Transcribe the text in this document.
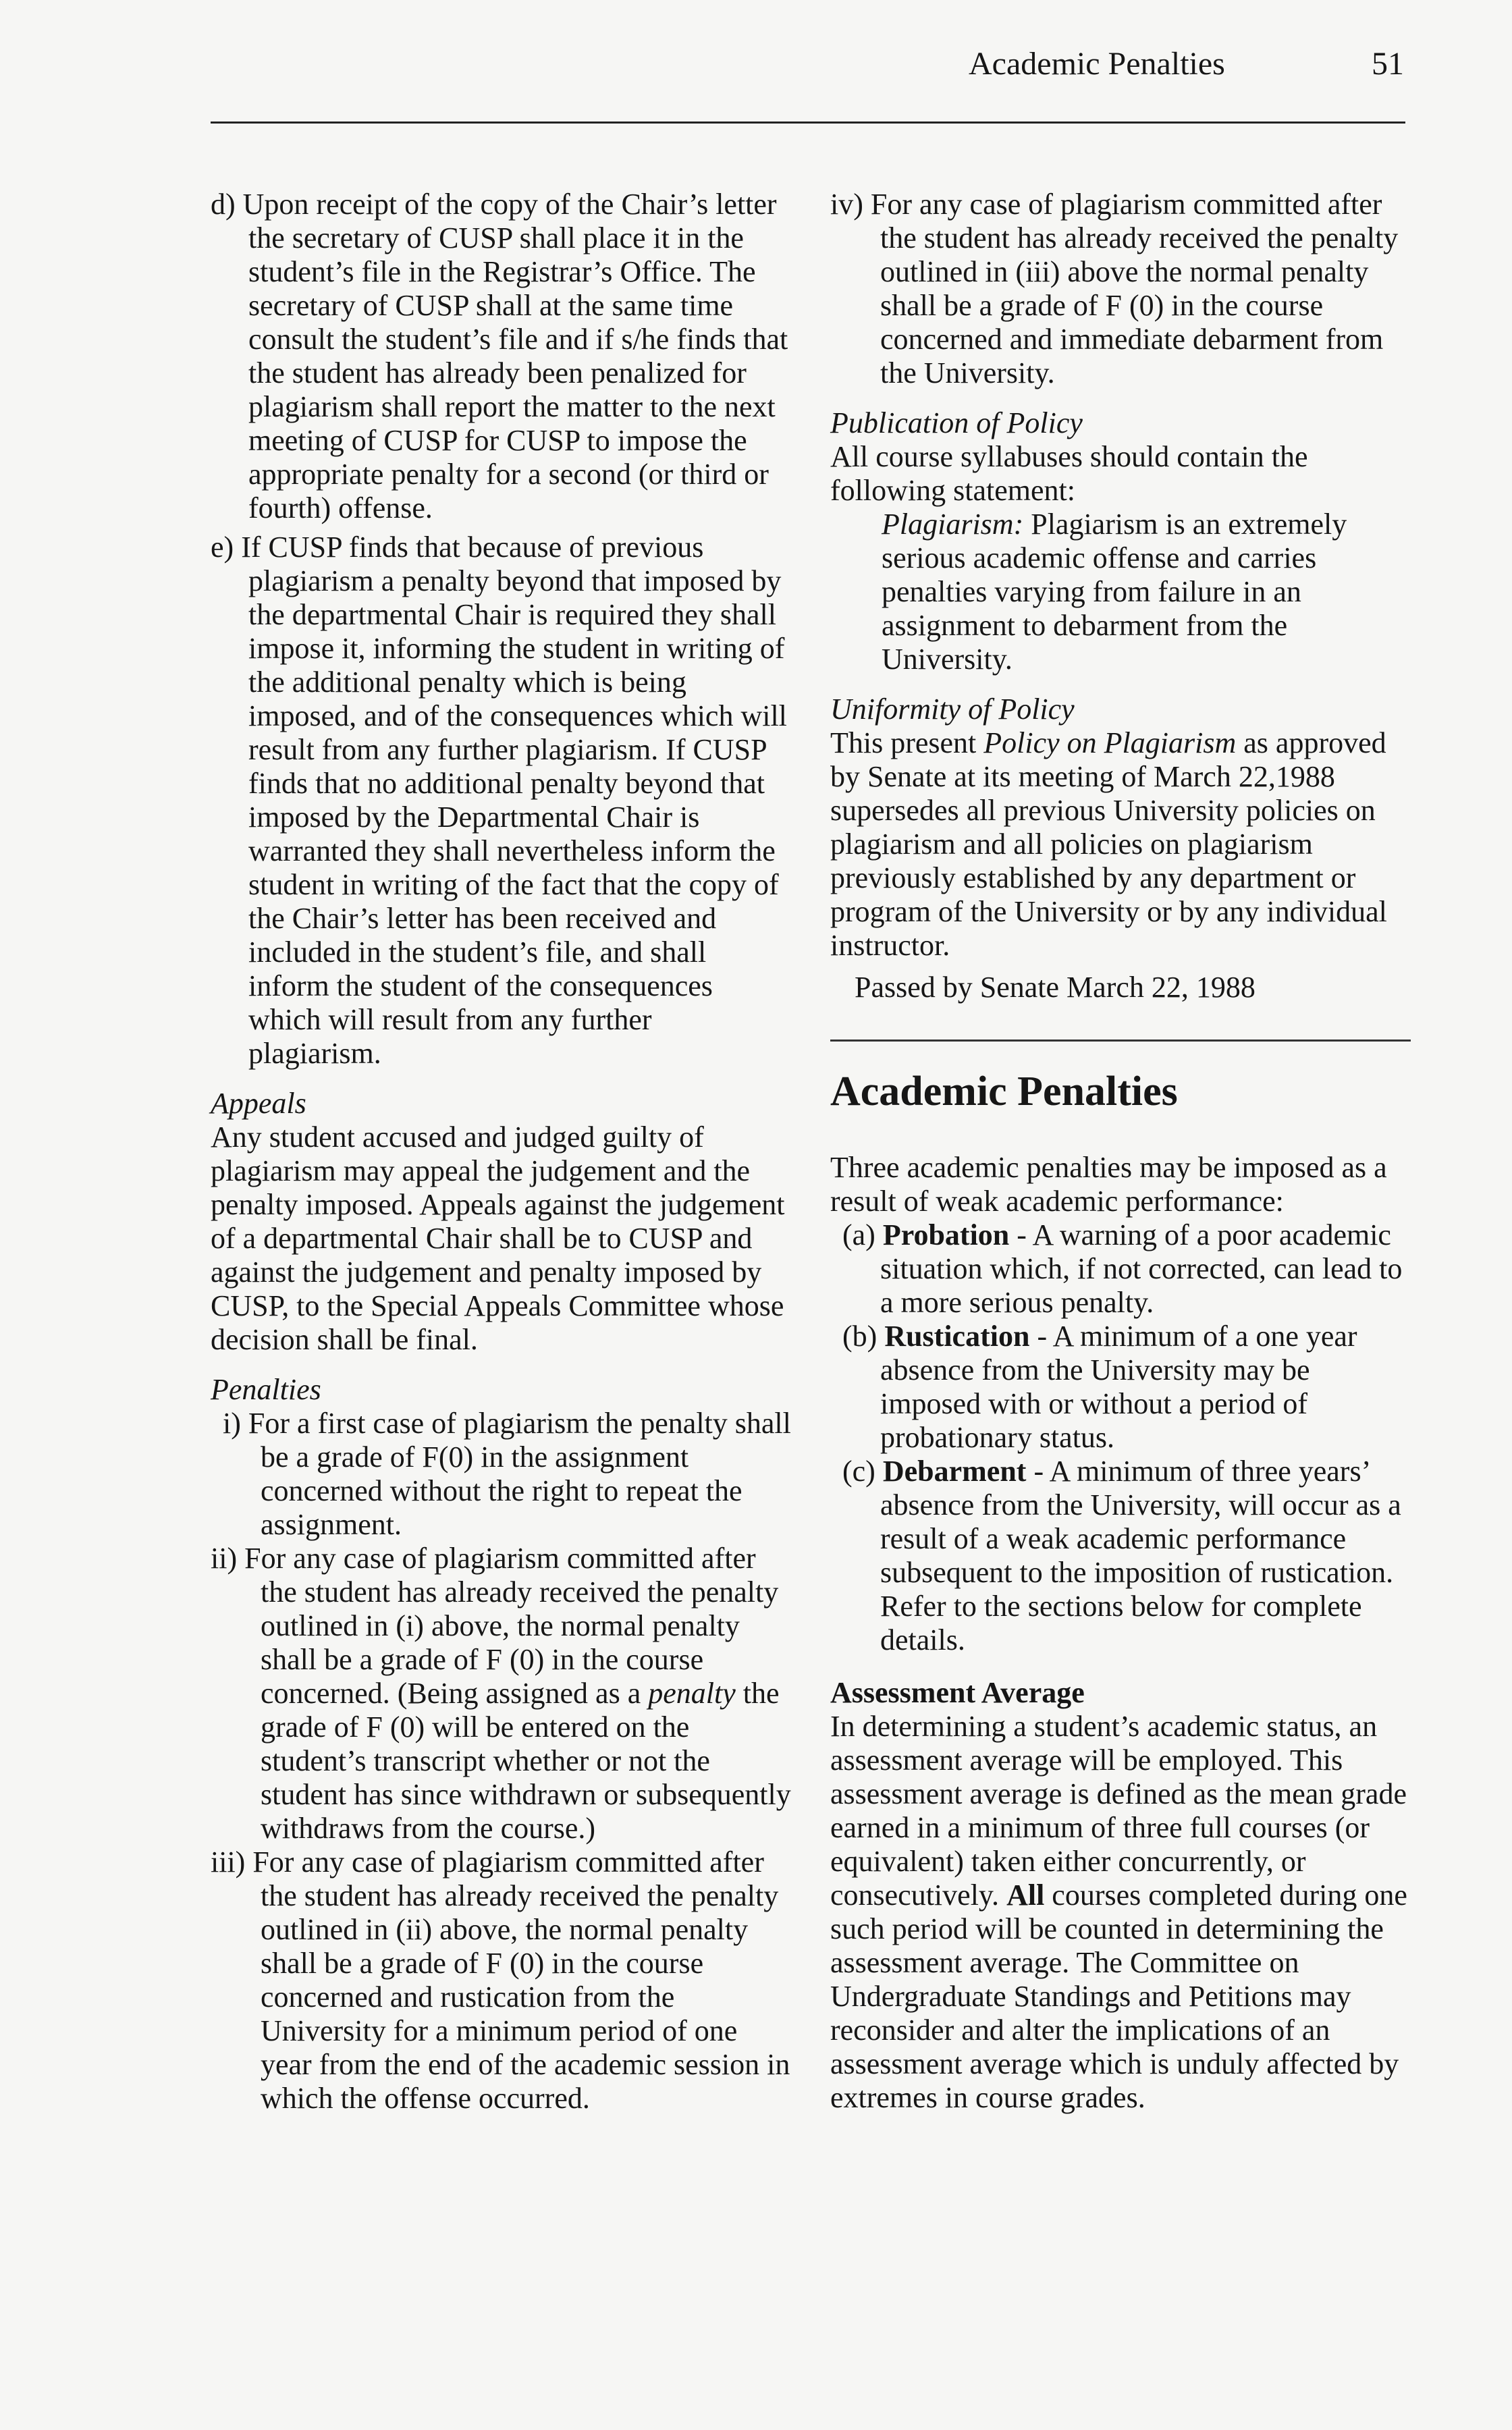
Academic Penalties	51

d) Upon receipt of the copy of the Chair’s letter the secretary of CUSP shall place it in the student’s file in the Registrar’s Office. The secretary of CUSP shall at the same time consult the student’s file and if s/he finds that the student has already been penalized for plagiarism shall report the matter to the next meeting of CUSP for CUSP to impose the appropriate penalty for a second (or third or fourth) offense.

e) If CUSP finds that because of previous plagiarism a penalty beyond that imposed by the departmental Chair is required they shall impose it, informing the student in writing of the additional penalty which is being imposed, and of the consequences which will result from any further plagiarism. If CUSP finds that no additional penalty beyond that imposed by the Departmental Chair is warranted they shall nevertheless inform the student in writing of the fact that the copy of the Chair’s letter has been received and included in the student’s file, and shall inform the student of the consequences which will result from any further plagiarism.

Appeals

Any student accused and judged guilty of plagiarism may appeal the judgement and the penalty imposed. Appeals against the judgement of a departmental Chair shall be to CUSP and against the judgement and penalty imposed by CUSP, to the Special Appeals Committee whose decision shall be final.

Penalties

i) For a first case of plagiarism the penalty shall be a grade of F(0) in the assignment concerned without the right to repeat the assignment.

ii) For any case of plagiarism committed after the student has already received the penalty outlined in (i) above, the normal penalty shall be a grade of F (0) in the course concerned. (Being assigned as a penalty the grade of F (0) will be entered on the student’s transcript whether or not the student has since withdrawn or subsequently withdraws from the course.)

iii) For any case of plagiarism committed after the student has already received the penalty outlined in (ii) above, the normal penalty shall be a grade of F (0) in the course concerned and rustication from the University for a minimum period of one year from the end of the academic session in which the offense occurred.

iv) For any case of plagiarism committed after the student has already received the penalty outlined in (iii) above the normal penalty shall be a grade of F (0) in the course concerned and immediate debarment from the University.

Publication of Policy

All course syllabuses should contain the following statement:

Plagiarism: Plagiarism is an extremely serious academic offense and carries penalties varying from failure in an assignment to debarment from the University.

Uniformity of Policy

This present Policy on Plagiarism as approved by Senate at its meeting of March 22,1988 supersedes all previous University policies on plagiarism and all policies on plagiarism previously established by any department or program of the University or by any individual instructor.

Passed by Senate March 22, 1988

Academic Penalties

Three academic penalties may be imposed as a result of weak academic performance:

(a) Probation - A warning of a poor academic situation which, if not corrected, can lead to a more serious penalty.

(b) Rustication - A minimum of a one year absence from the University may be imposed with or without a period of probationary status.

(c) Debarment - A minimum of three years’ absence from the University, will occur as a result of a weak academic performance subsequent to the imposition of rustication. Refer to the sections below for complete details.

Assessment Average

In determining a student’s academic status, an assessment average will be employed. This assessment average is defined as the mean grade earned in a minimum of three full courses (or equivalent) taken either concurrently, or consecutively. All courses completed during one such period will be counted in determining the assessment average. The Committee on Undergraduate Standings and Petitions may reconsider and alter the implications of an assessment average which is unduly affected by extremes in course grades.
